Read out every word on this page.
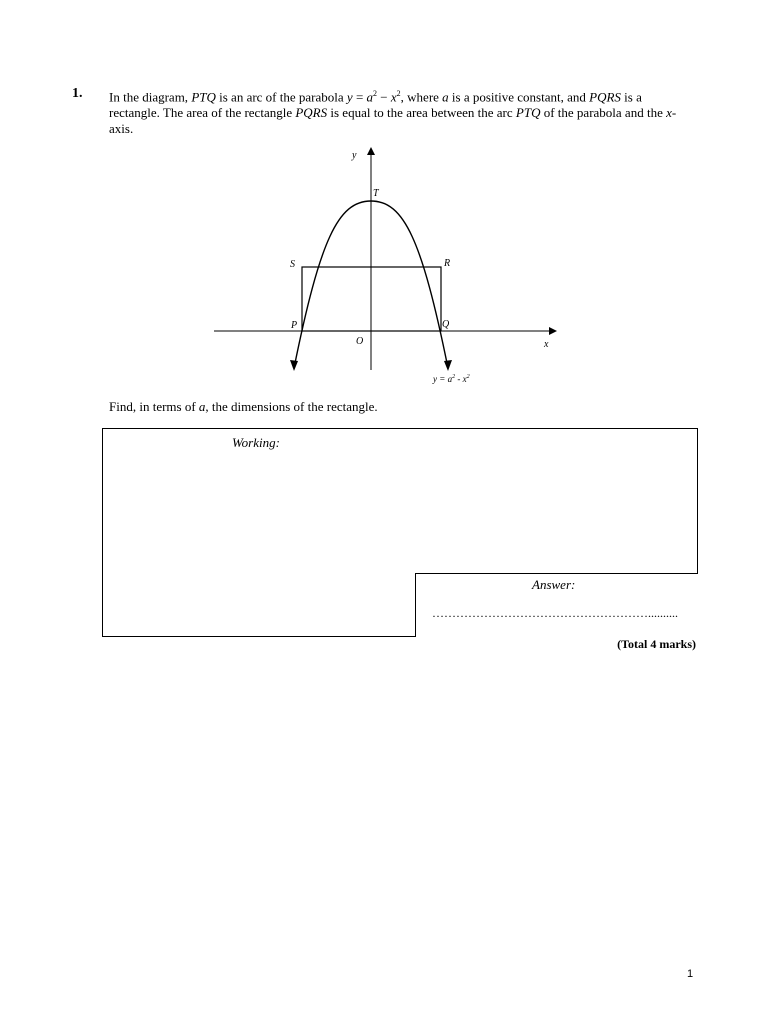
1. In the diagram, PTQ is an arc of the parabola $y = a^2 - x^2$, where a is a positive constant, and PQRS is a rectangle. The area of the rectangle PQRS is equal to the area between the arc PTQ of the parabola and the x-axis.
y
x
O
T
S	R
P	Q
$y = a^2 - x^2$
Find, in terms of a, the dimensions of the rectangle.
Working:
Answer:
………………………………………………..........
(Total 4 marks)
1
